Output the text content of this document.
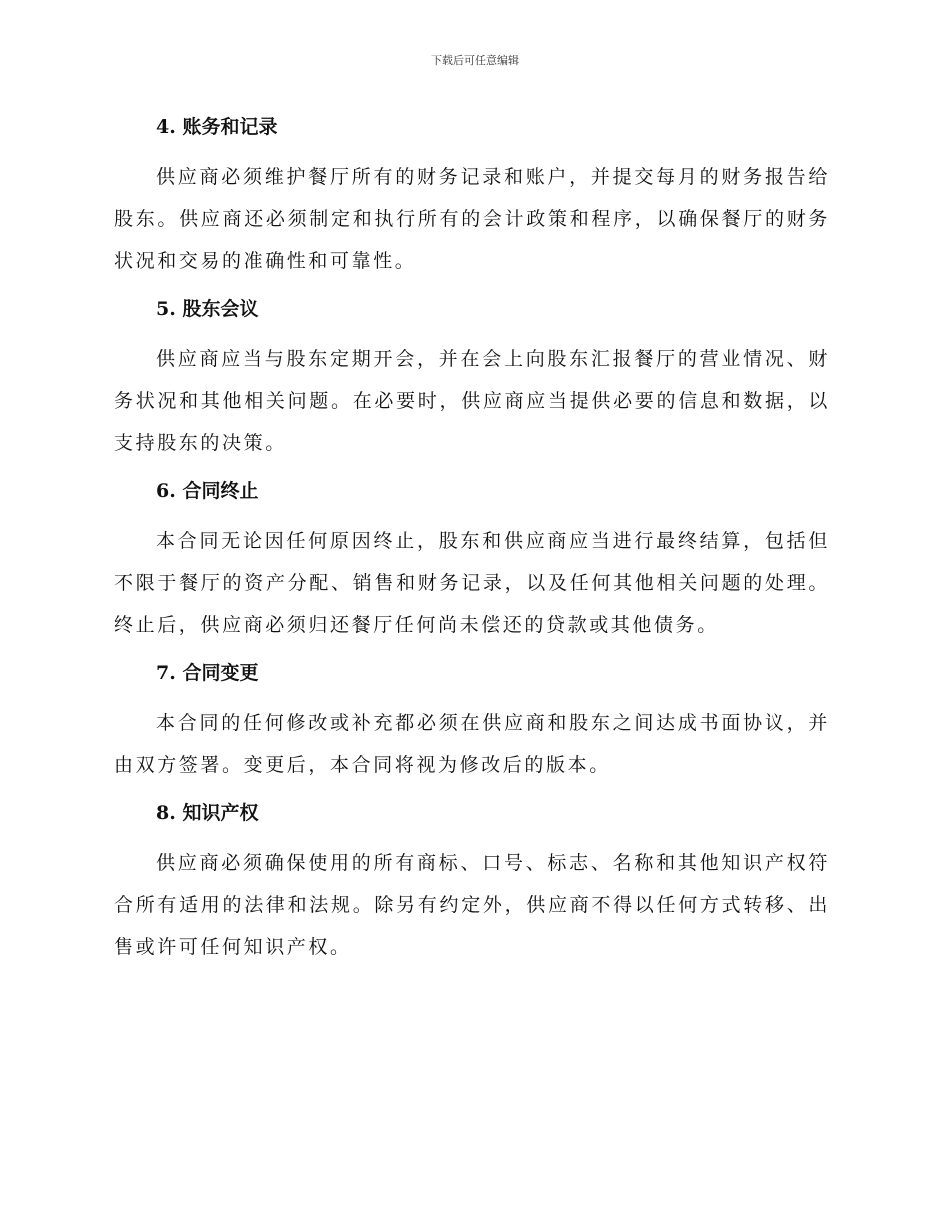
下载后可任意编辑
4. 账务和记录

供应商必须维护餐厅所有的财务记录和账户，并提交每月的财务报告给股东。供应商还必须制定和执行所有的会计政策和程序，以确保餐厅的财务状况和交易的准确性和可靠性。

5. 股东会议

供应商应当与股东定期开会，并在会上向股东汇报餐厅的营业情况、财务状况和其他相关问题。在必要时，供应商应当提供必要的信息和数据，以支持股东的决策。

6. 合同终止

本合同无论因任何原因终止，股东和供应商应当进行最终结算，包括但不限于餐厅的资产分配、销售和财务记录，以及任何其他相关问题的处理。终止后，供应商必须归还餐厅任何尚未偿还的贷款或其他债务。

7. 合同变更

本合同的任何修改或补充都必须在供应商和股东之间达成书面协议，并由双方签署。变更后，本合同将视为修改后的版本。

8. 知识产权

供应商必须确保使用的所有商标、口号、标志、名称和其他知识产权符合所有适用的法律和法规。除另有约定外，供应商不得以任何方式转移、出售或许可任何知识产权。
